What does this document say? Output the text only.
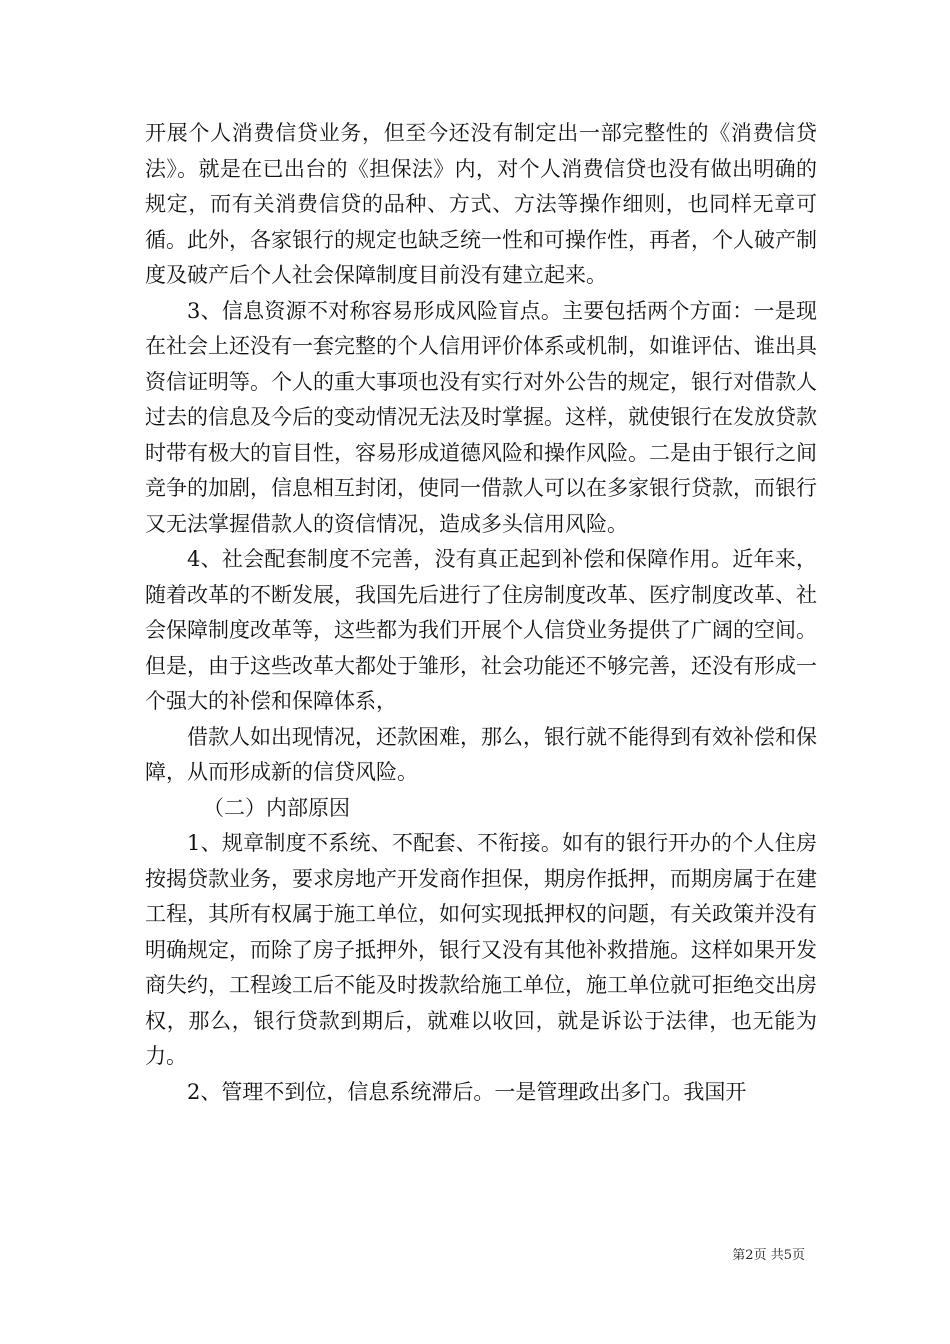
开展个人消费信贷业务，但至今还没有制定出一部完整性的《消费信贷法》。就是在已出台的《担保法》内，对个人消费信贷也没有做出明确的规定，而有关消费信贷的品种、方式、方法等操作细则，也同样无章可循。此外，各家银行的规定也缺乏统一性和可操作性，再者，个人破产制度及破产后个人社会保障制度目前没有建立起来。

3、信息资源不对称容易形成风险盲点。主要包括两个方面：一是现在社会上还没有一套完整的个人信用评价体系或机制，如谁评估、谁出具资信证明等。个人的重大事项也没有实行对外公告的规定，银行对借款人过去的信息及今后的变动情况无法及时掌握。这样，就使银行在发放贷款时带有极大的盲目性，容易形成道德风险和操作风险。二是由于银行之间竞争的加剧，信息相互封闭，使同一借款人可以在多家银行贷款，而银行又无法掌握借款人的资信情况，造成多头信用风险。

4、社会配套制度不完善，没有真正起到补偿和保障作用。近年来，随着改革的不断发展，我国先后进行了住房制度改革、医疗制度改革、社会保障制度改革等，这些都为我们开展个人信贷业务提供了广阔的空间。但是，由于这些改革大都处于雏形，社会功能还不够完善，还没有形成一个强大的补偿和保障体系，

借款人如出现情况，还款困难，那么，银行就不能得到有效补偿和保障，从而形成新的信贷风险。

（二）内部原因

1、规章制度不系统、不配套、不衔接。如有的银行开办的个人住房按揭贷款业务，要求房地产开发商作担保，期房作抵押，而期房属于在建工程，其所有权属于施工单位，如何实现抵押权的问题，有关政策并没有明确规定，而除了房子抵押外，银行又没有其他补救措施。这样如果开发商失约，工程竣工后不能及时拨款给施工单位，施工单位就可拒绝交出房权，那么，银行贷款到期后，就难以收回，就是诉讼于法律，也无能为力。

2、管理不到位，信息系统滞后。一是管理政出多门。我国开

第2页 共5页
